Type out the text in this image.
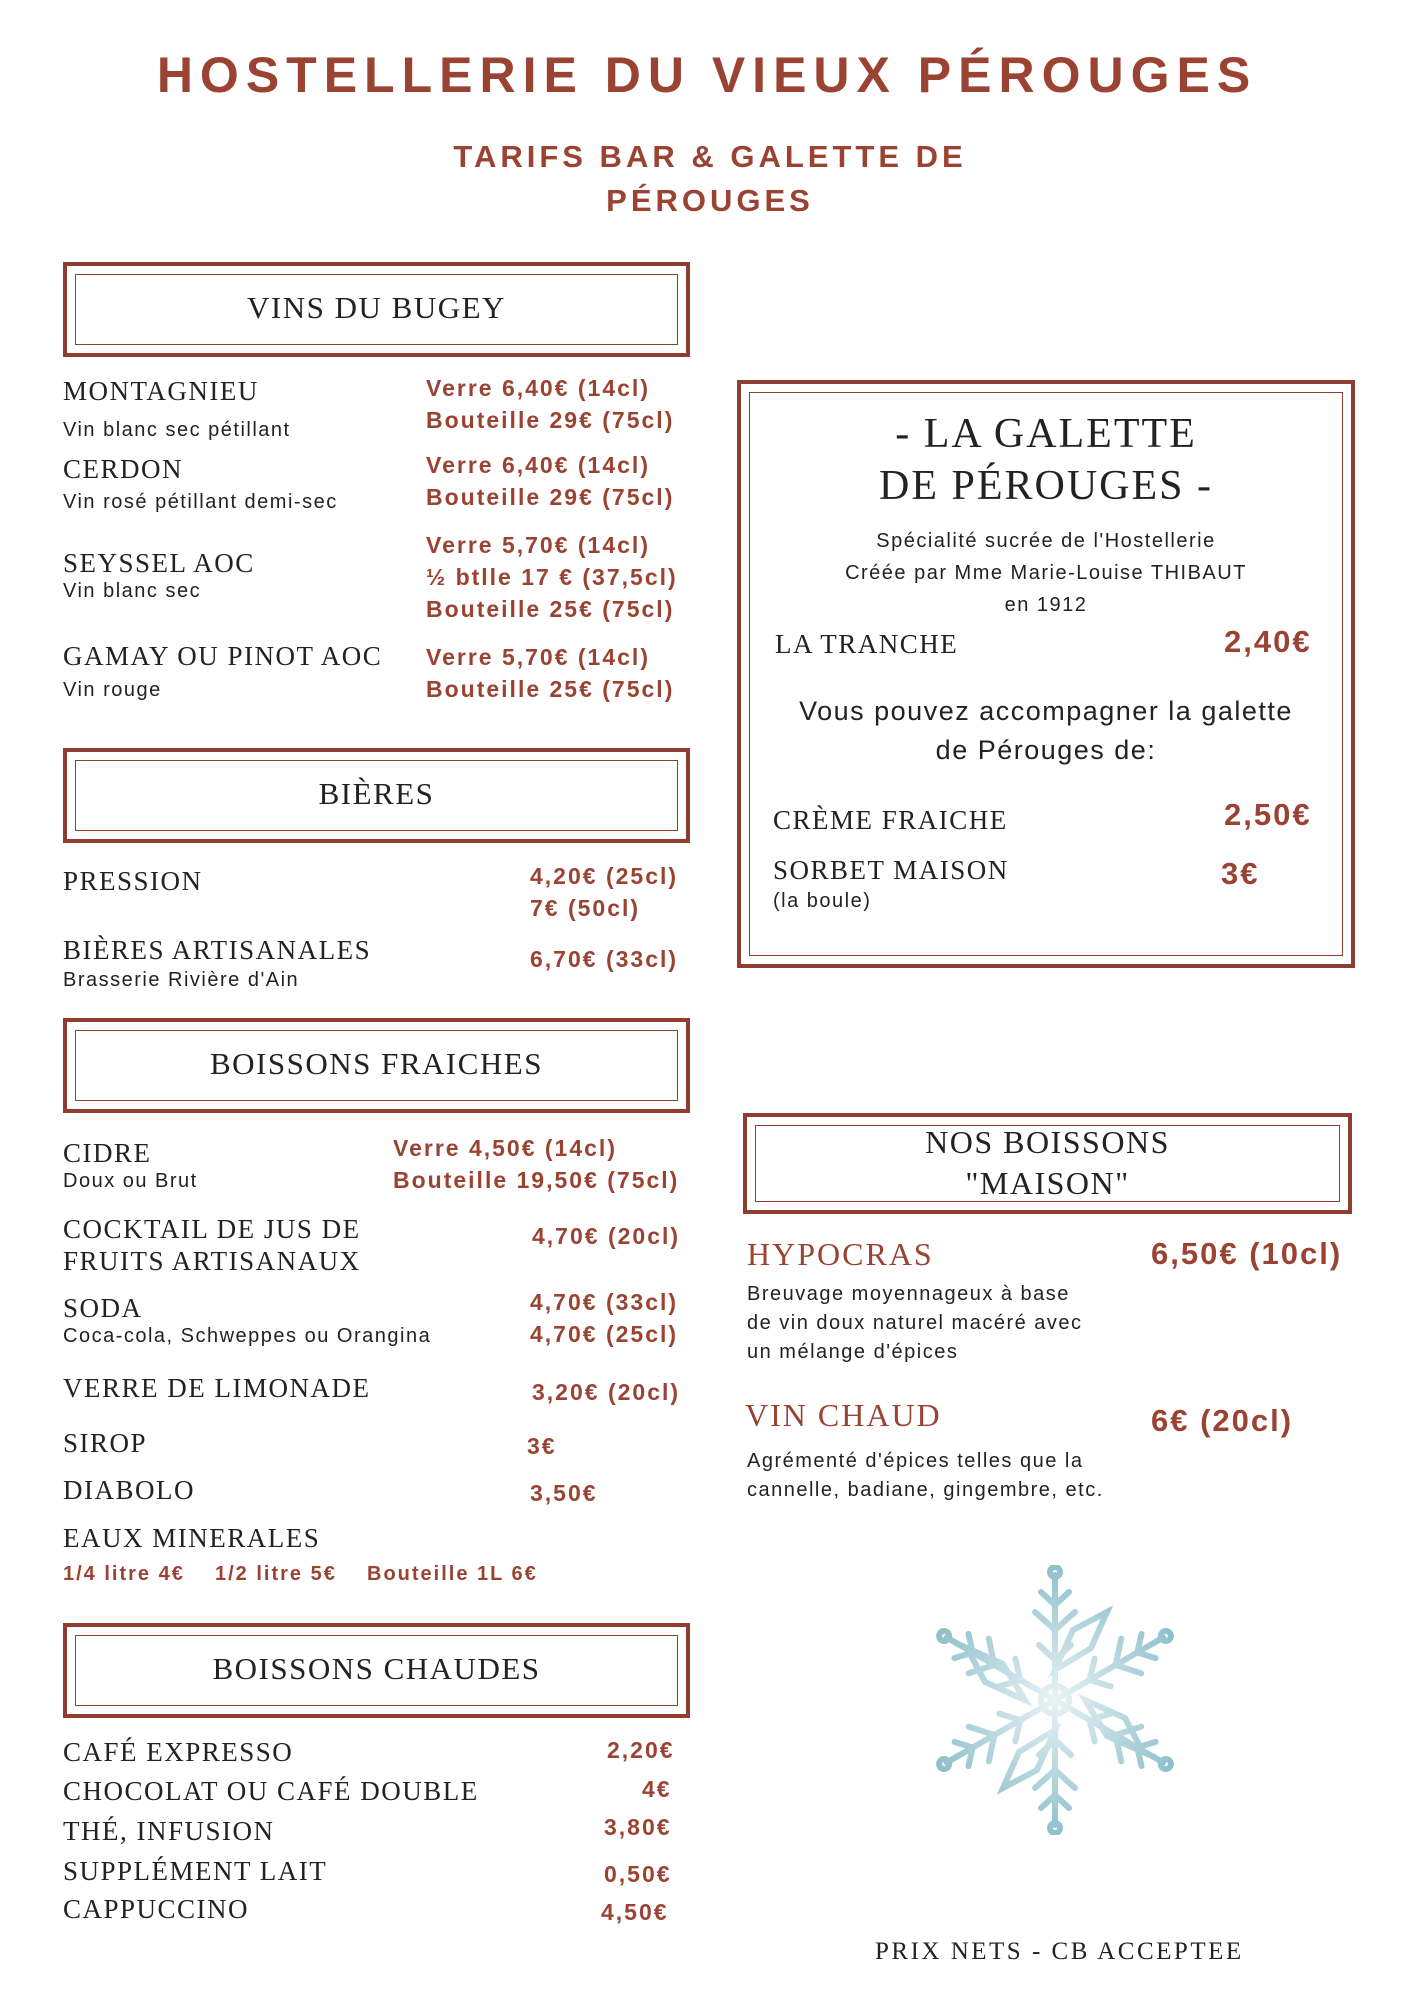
HOSTELLERIE DU VIEUX PÉROUGES
TARIFS BAR & GALETTE DE
PÉROUGES
VINS DU BUGEY
MONTAGNIEU
Vin blanc sec pétillant
Verre 6,40€ (14cl)
Bouteille 29€ (75cl)
CERDON
Vin rosé pétillant demi-sec
Verre 6,40€ (14cl)
Bouteille 29€ (75cl)
SEYSSEL AOC
Vin blanc sec
Verre 5,70€ (14cl)
½ btlle 17 € (37,5cl)
Bouteille 25€ (75cl)
GAMAY OU PINOT AOC
Vin rouge
Verre 5,70€ (14cl)
Bouteille 25€ (75cl)
BIÈRES
PRESSION	4,20€ (25cl)
7€ (50cl)
BIÈRES ARTISANALES
Brasserie Rivière d'Ain
6,70€ (33cl)
BOISSONS FRAICHES
CIDRE
Doux ou Brut
Verre 4,50€ (14cl)
Bouteille 19,50€ (75cl)
COCKTAIL DE JUS DE
FRUITS ARTISANAUX
4,70€ (20cl)
SODA
Coca-cola, Schweppes ou Orangina
4,70€ (33cl)
4,70€ (25cl)
VERRE DE LIMONADE	3,20€ (20cl)
SIROP	3€
DIABOLO	3,50€
EAUX MINERALES
1/4 litre 4€ 1/2 litre 5€ Bouteille 1L 6€
BOISSONS CHAUDES
CAFÉ EXPRESSO	2,20€
CHOCOLAT OU CAFÉ DOUBLE	4€
THÉ, INFUSION	3,80€
SUPPLÉMENT LAIT	0,50€
CAPPUCCINO	4,50€
- LA GALETTE
DE PÉROUGES -
Spécialité sucrée de l'Hostellerie
Créée par Mme Marie-Louise THIBAUT
en 1912
LA TRANCHE	2,40€
Vous pouvez accompagner la galette
de Pérouges de:
CRÈME FRAICHE	2,50€
SORBET MAISON
(la boule)
3€
NOS BOISSONS
"MAISON"
HYPOCRAS	6,50€ (10cl)
Breuvage moyennageux à base
de vin doux naturel macéré avec
un mélange d'épices
VIN CHAUD	6€ (20cl)
Agrémenté d'épices telles que la
cannelle, badiane, gingembre, etc.
PRIX NETS - CB ACCEPTEE
